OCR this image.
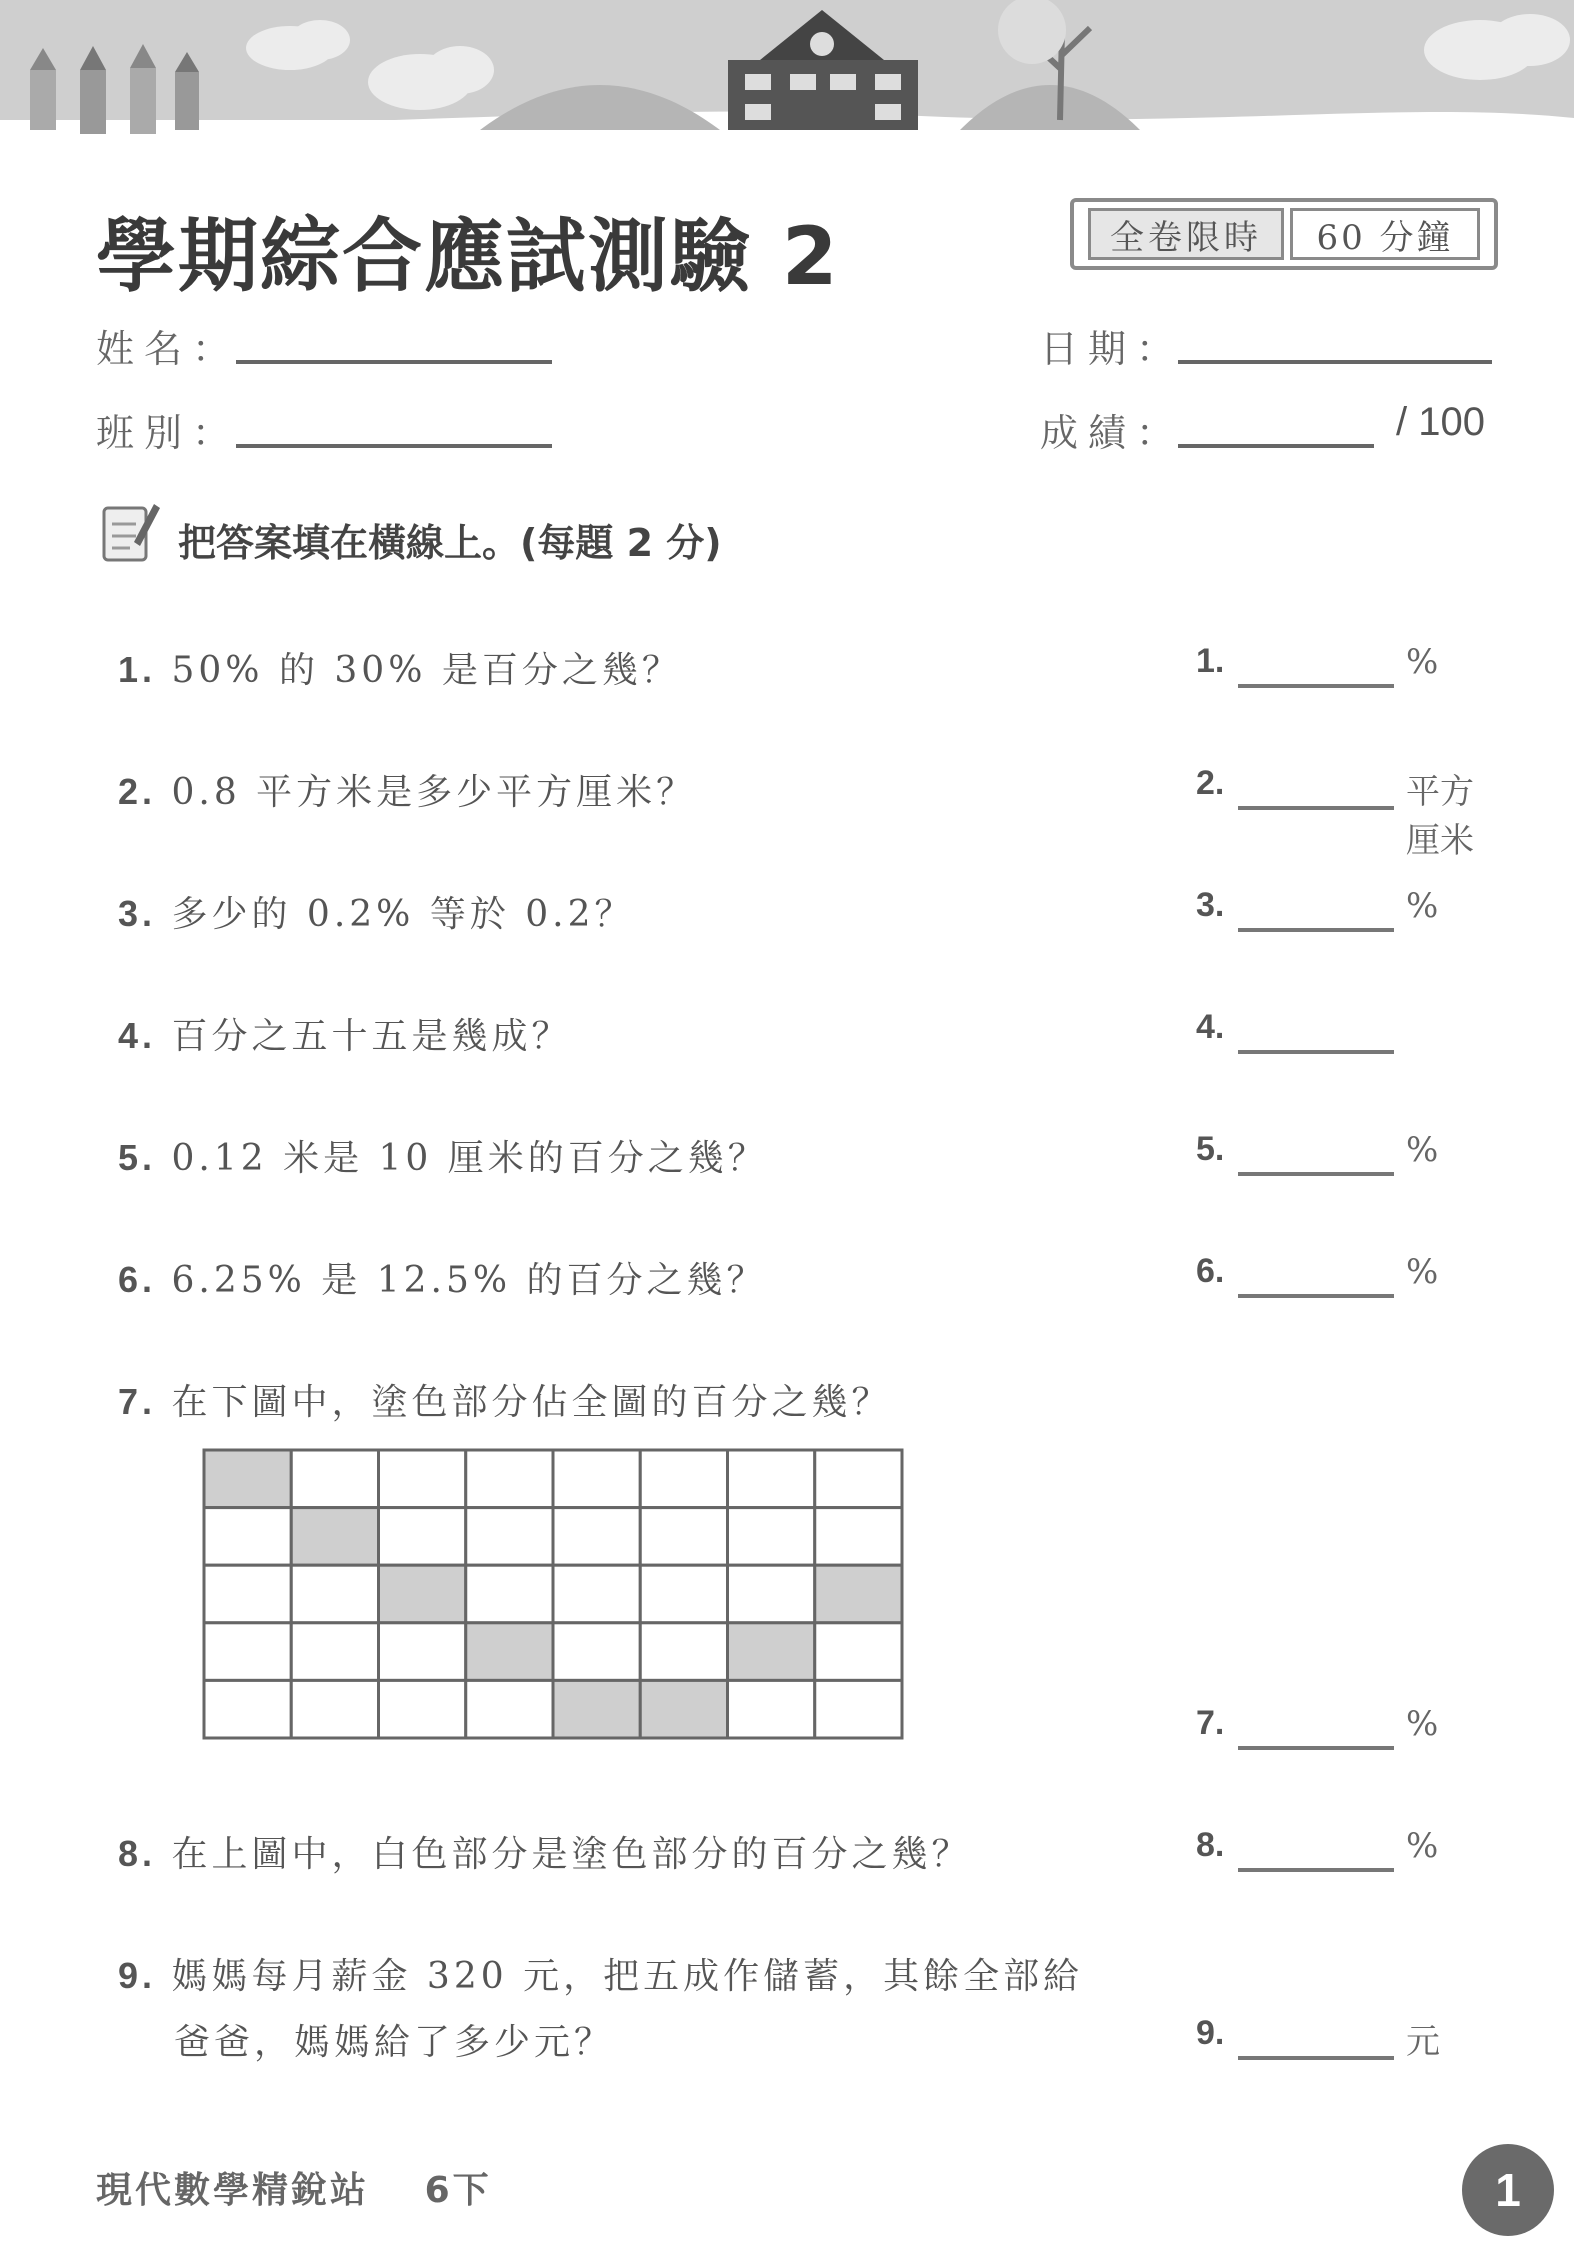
學期綜合應試測驗 2	全卷限時	60 分鐘
姓名：
班別：
日期：
成績：	/ 100
把答案填在橫線上。(每題 2 分)
1. 50% 的 30% 是百分之幾？	1.	%
2. 0.8 平方米是多少平方厘米？	2.	平方厘米
3. 多少的 0.2% 等於 0.2？	3.	%
4. 百分之五十五是幾成？	4.
5. 0.12 米是 10 厘米的百分之幾？	5.	%
6. 6.25% 是 12.5% 的百分之幾？	6.	%
7. 在下圖中，塗色部分佔全圖的百分之幾？
7.	%
8. 在上圖中，白色部分是塗色部分的百分之幾？	8.	%
9. 媽媽每月薪金 320 元，把五成作儲蓄，其餘全部給
爸爸，媽媽給了多少元？	9.	元
現代數學精銳站 6下	1
